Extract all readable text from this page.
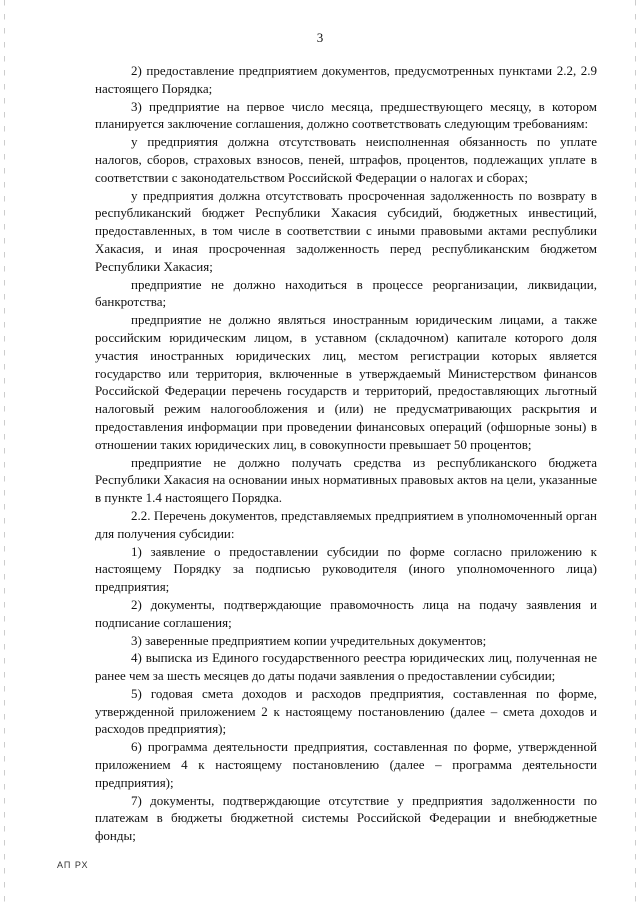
3

2) предоставление предприятием документов, предусмотренных пунктами 2.2, 2.9 настоящего Порядка;

3) предприятие на первое число месяца, предшествующего месяцу, в котором планируется заключение соглашения, должно соответствовать следующим требованиям:

у предприятия должна отсутствовать неисполненная обязанность по уплате налогов, сборов, страховых взносов, пеней, штрафов, процентов, подлежащих уплате в соответствии с законодательством Российской Федерации о налогах и сборах;

у предприятия должна отсутствовать просроченная задолженность по возврату в республиканский бюджет Республики Хакасия субсидий, бюджетных инвестиций, предоставленных, в том числе в соответствии с иными правовыми актами республики Хакасия, и иная просроченная задолженность перед республиканским бюджетом Республики Хакасия;

предприятие не должно находиться в процессе реорганизации, ликвидации, банкротства;

предприятие не должно являться иностранным юридическим лицами, а также российским юридическим лицом, в уставном (складочном) капитале которого доля участия иностранных юридических лиц, местом регистрации которых является государство или территория, включенные в утверждаемый Министерством финансов Российской Федерации перечень государств и территорий, предоставляющих льготный налоговый режим налогообложения и (или) не предусматривающих раскрытия и предоставления информации при проведении финансовых операций (офшорные зоны) в отношении таких юридических лиц, в совокупности превышает 50 процентов;

предприятие не должно получать средства из республиканского бюджета Республики Хакасия на основании иных нормативных правовых актов на цели, указанные в пункте 1.4 настоящего Порядка.

2.2. Перечень документов, представляемых предприятием в уполномоченный орган для получения субсидии:

1) заявление о предоставлении субсидии по форме согласно приложению к настоящему Порядку за подписью руководителя (иного уполномоченного лица) предприятия;

2) документы, подтверждающие правомочность лица на подачу заявления и подписание соглашения;

3) заверенные предприятием копии учредительных документов;

4) выписка из Единого государственного реестра юридических лиц, полученная не ранее чем за шесть месяцев до даты подачи заявления о предоставлении субсидии;

5) годовая смета доходов и расходов предприятия, составленная по форме, утвержденной приложением 2 к настоящему постановлению (далее – смета доходов и расходов предприятия);

6) программа деятельности предприятия, составленная по форме, утвержденной приложением 4 к настоящему постановлению (далее – программа деятельности предприятия);

7) документы, подтверждающие отсутствие у предприятия задолженности по платежам в бюджеты бюджетной системы Российской Федерации и внебюджетные фонды;

АП РХ
